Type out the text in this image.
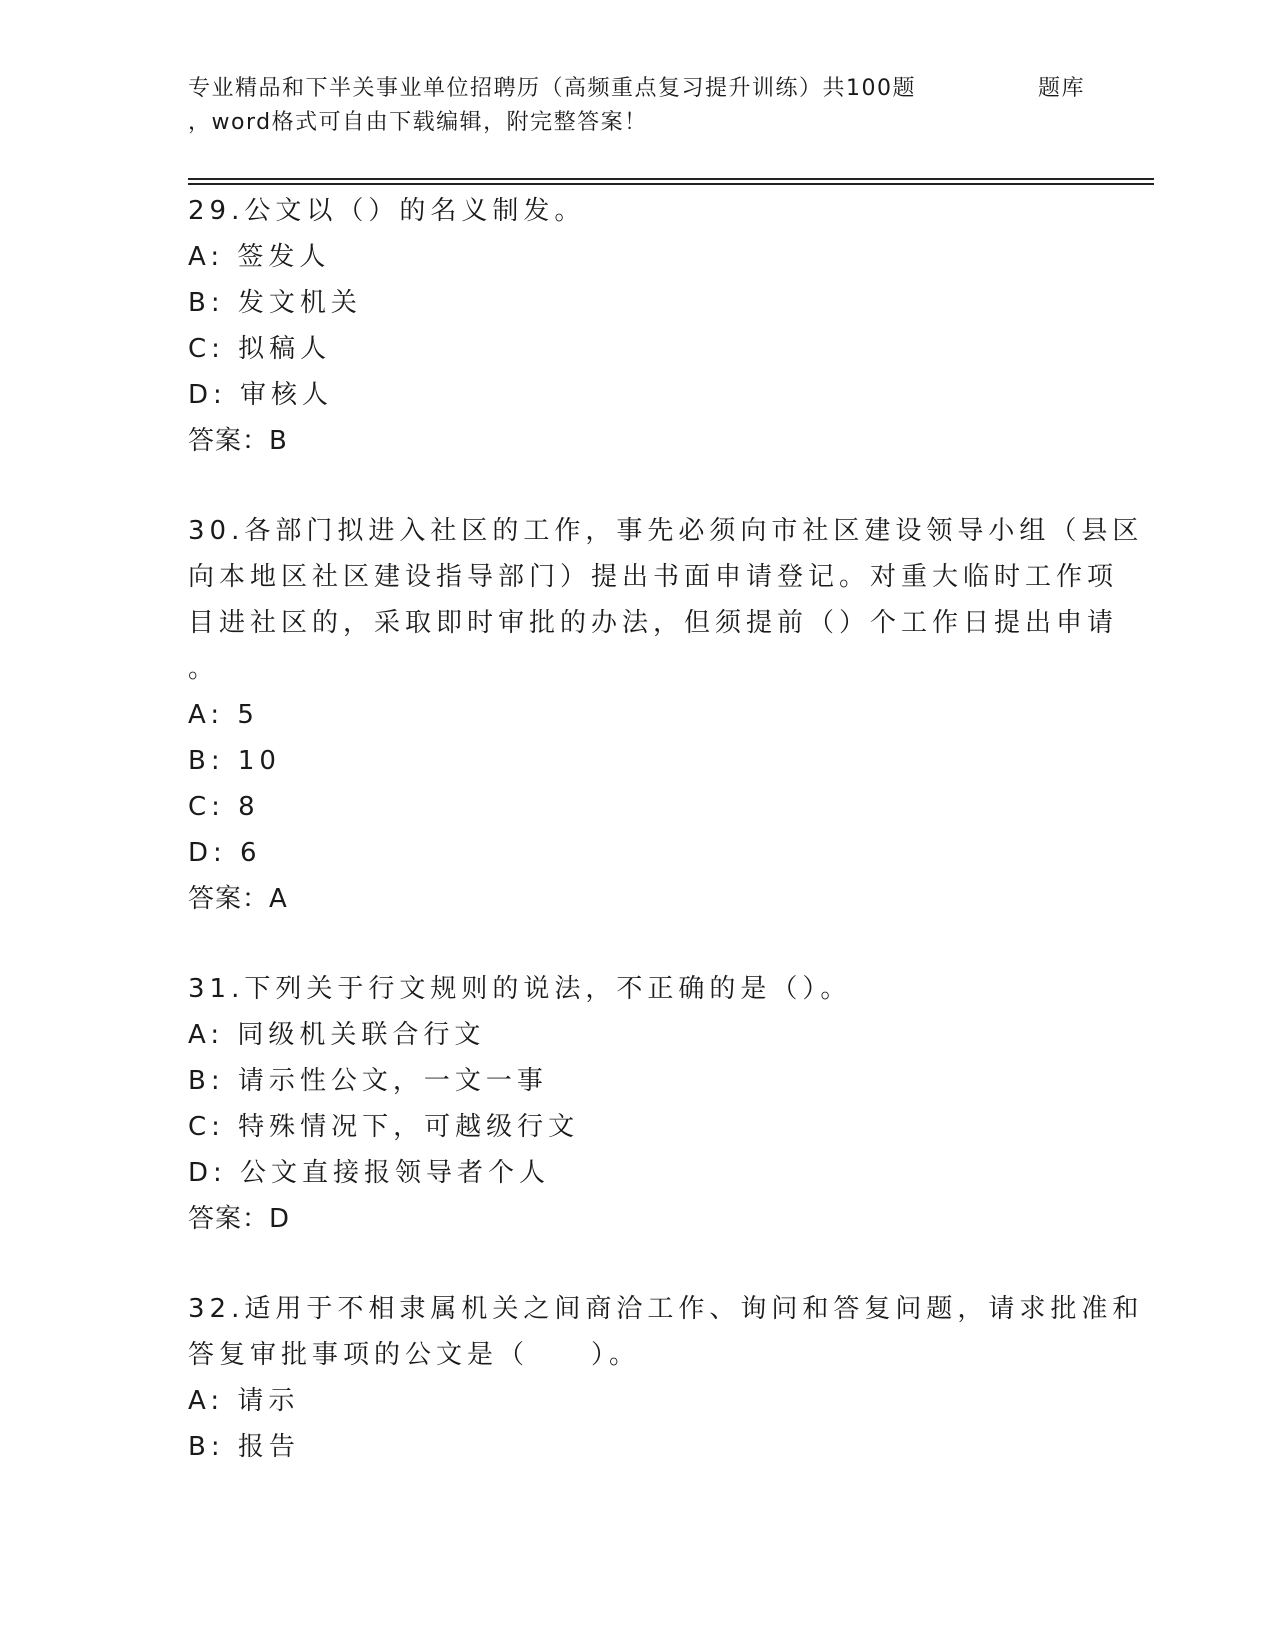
专业精品和下半关事业单位招聘历（高频重点复习提升训练）共100题	题库
，word格式可自由下载编辑，附完整答案！
29.公文以（）的名义制发。
A: 签发人
B: 发文机关
C: 拟稿人
D: 审核人
答案：B
30.各部门拟进入社区的工作，事先必须向市社区建设领导小组（县区
向本地区社区建设指导部门）提出书面申请登记。对重大临时工作项
目进社区的，采取即时审批的办法，但须提前（）个工作日提出申请
。
A: 5
B: 10
C: 8
D: 6
答案：A
31.下列关于行文规则的说法，不正确的是（）。
A: 同级机关联合行文
B: 请示性公文，一文一事
C: 特殊情况下，可越级行文
D: 公文直接报领导者个人
答案：D
32.适用于不相隶属机关之间商洽工作、询问和答复问题，请求批准和
答复审批事项的公文是（　　）。
A: 请示
B: 报告
